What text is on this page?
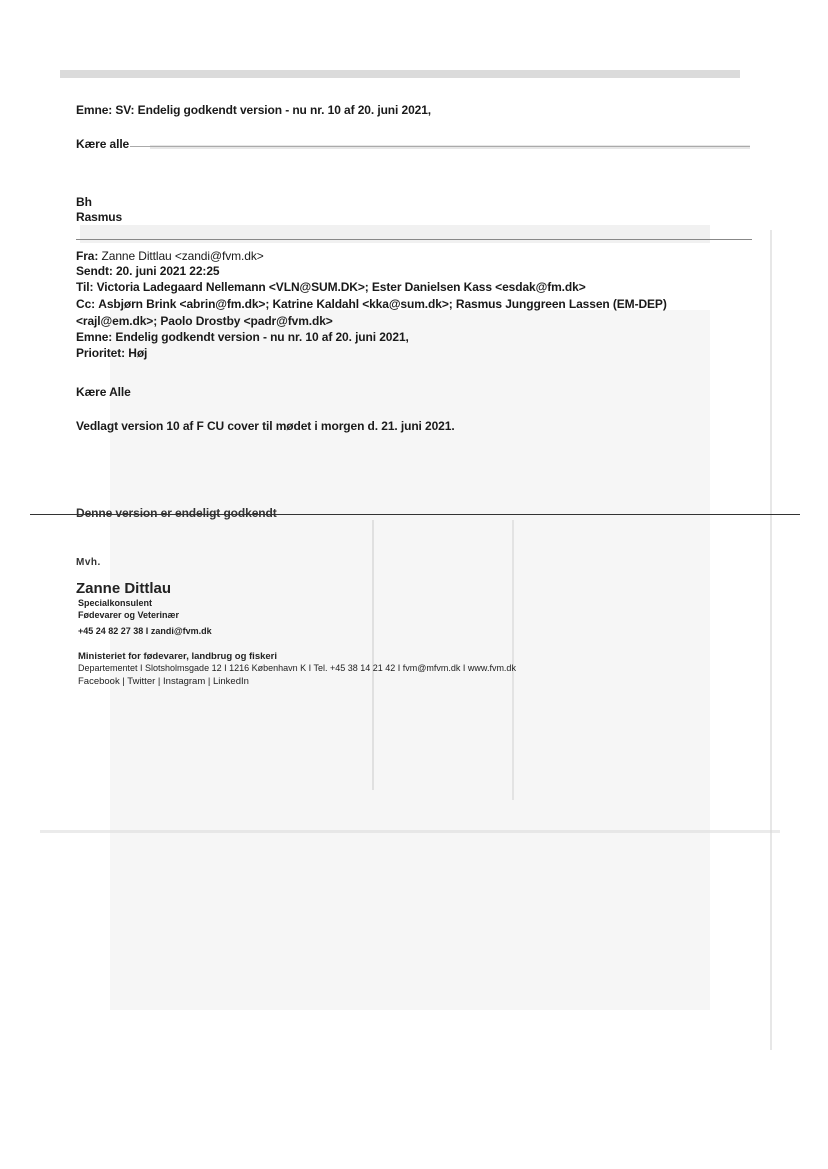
Emne: SV: Endelig godkendt version - nu nr. 10 af 20. juni 2021,
Kære alle
Bh
Rasmus
Fra: Zanne Dittlau <zandi@fvm.dk>
Sendt: 20. juni 2021 22:25
Til: Victoria Ladegaard Nellemann <VLN@SUM.DK>; Ester Danielsen Kass <esdak@fm.dk>
Cc: Asbjørn Brink <abrin@fm.dk>; Katrine Kaldahl <kka@sum.dk>; Rasmus Junggreen Lassen (EM-DEP)
<rajl@em.dk>; Paolo Drostby <padr@fvm.dk>
Emne: Endelig godkendt version - nu nr. 10 af 20. juni 2021,
Prioritet: Høj
Kære Alle
Vedlagt version 10 af F CU cover til mødet i morgen d. 21. juni 2021.
Denne version er endeligt godkendt
Mvh.
Zanne Dittlau
Specialkonsulent
Fødevarer og Veterinær
+45 24 82 27 38 I zandi@fvm.dk
Ministeriet for fødevarer, landbrug og fiskeri
Departementet I Slotsholmsgade 12 I 1216 København K I Tel. +45 38 14 21 42 I fvm@mfvm.dk I www.fvm.dk
Facebook | Twitter | Instagram | LinkedIn
